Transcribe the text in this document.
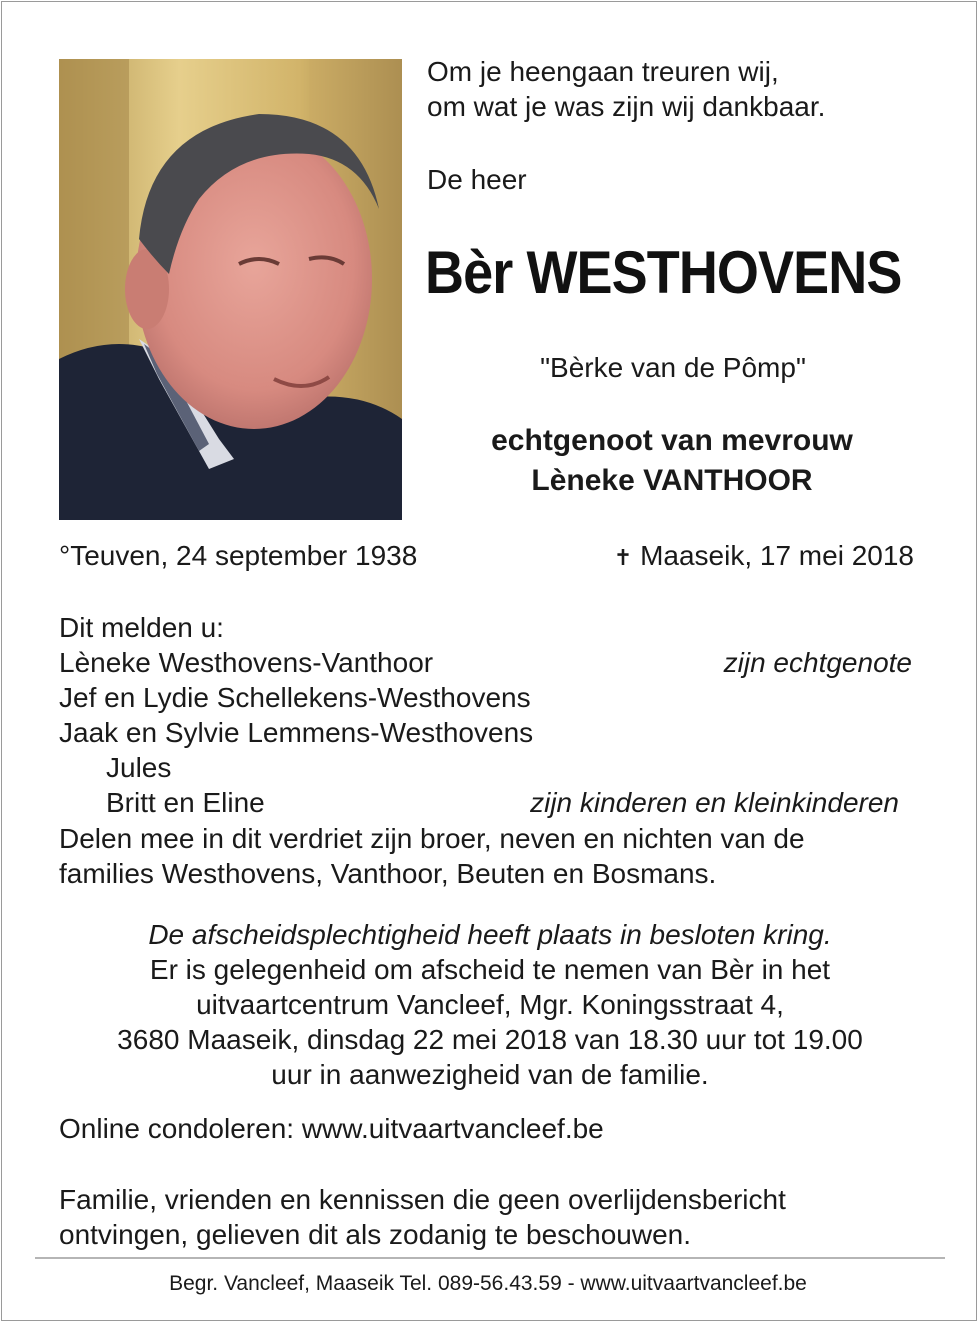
Om je heengaan treuren wij,
om wat je was zijn wij dankbaar.
De heer
Bèr WESTHOVENS
"Bèrke van de Pômp"
echtgenoot van mevrouw
Lèneke VANTHOOR
°Teuven, 24 september 1938	✝ Maaseik, 17 mei 2018
Dit melden u:
Lèneke Westhovens-Vanthoor	zijn echtgenote
Jef en Lydie Schellekens-Westhovens
Jaak en Sylvie Lemmens-Westhovens
Jules
Britt en Eline	zijn kinderen en kleinkinderen
Delen mee in dit verdriet zijn broer, neven en nichten van de
families Westhovens, Vanthoor, Beuten en Bosmans.
De afscheidsplechtigheid heeft plaats in besloten kring.
Er is gelegenheid om afscheid te nemen van Bèr in het
uitvaartcentrum Vancleef, Mgr. Koningsstraat 4,
3680 Maaseik, dinsdag 22 mei 2018 van 18.30 uur tot 19.00
uur in aanwezigheid van de familie.
Online condoleren: www.uitvaartvancleef.be
Familie, vrienden en kennissen die geen overlijdensbericht
ontvingen, gelieven dit als zodanig te beschouwen.
Begr. Vancleef, Maaseik Tel. 089-56.43.59 - www.uitvaartvancleef.be
